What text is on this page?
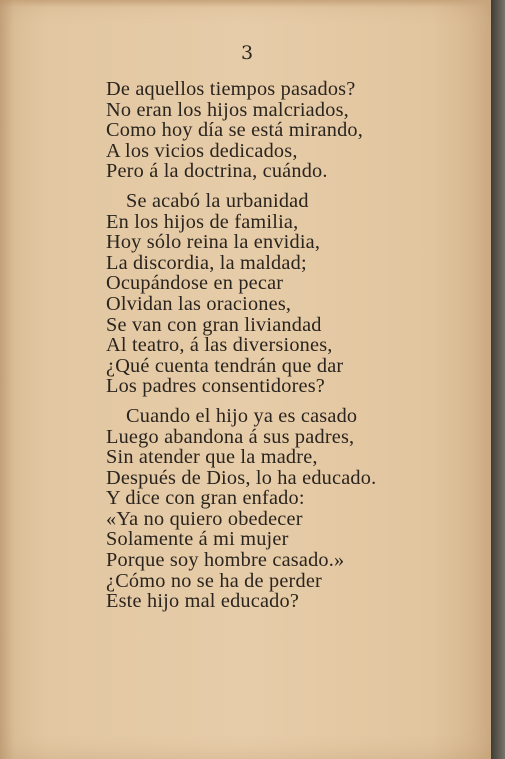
3
De aquellos tiempos pasados?
No eran los hijos malcriados,
Como hoy día se está mirando,
A los vicios dedicados,
Pero á la doctrina, cuándo.
Se acabó la urbanidad
En los hijos de familia,
Hoy sólo reina la envidia,
La discordia, la maldad;
Ocupándose en pecar
Olvidan las oraciones,
Se van con gran liviandad
Al teatro, á las diversiones,
¿Qué cuenta tendrán que dar
Los padres consentidores?
Cuando el hijo ya es casado
Luego abandona á sus padres,
Sin atender que la madre,
Después de Dios, lo ha educado.
Y dice con gran enfado:
«Ya no quiero obedecer
Solamente á mi mujer
Porque soy hombre casado.»
¿Cómo no se ha de perder
Este hijo mal educado?
